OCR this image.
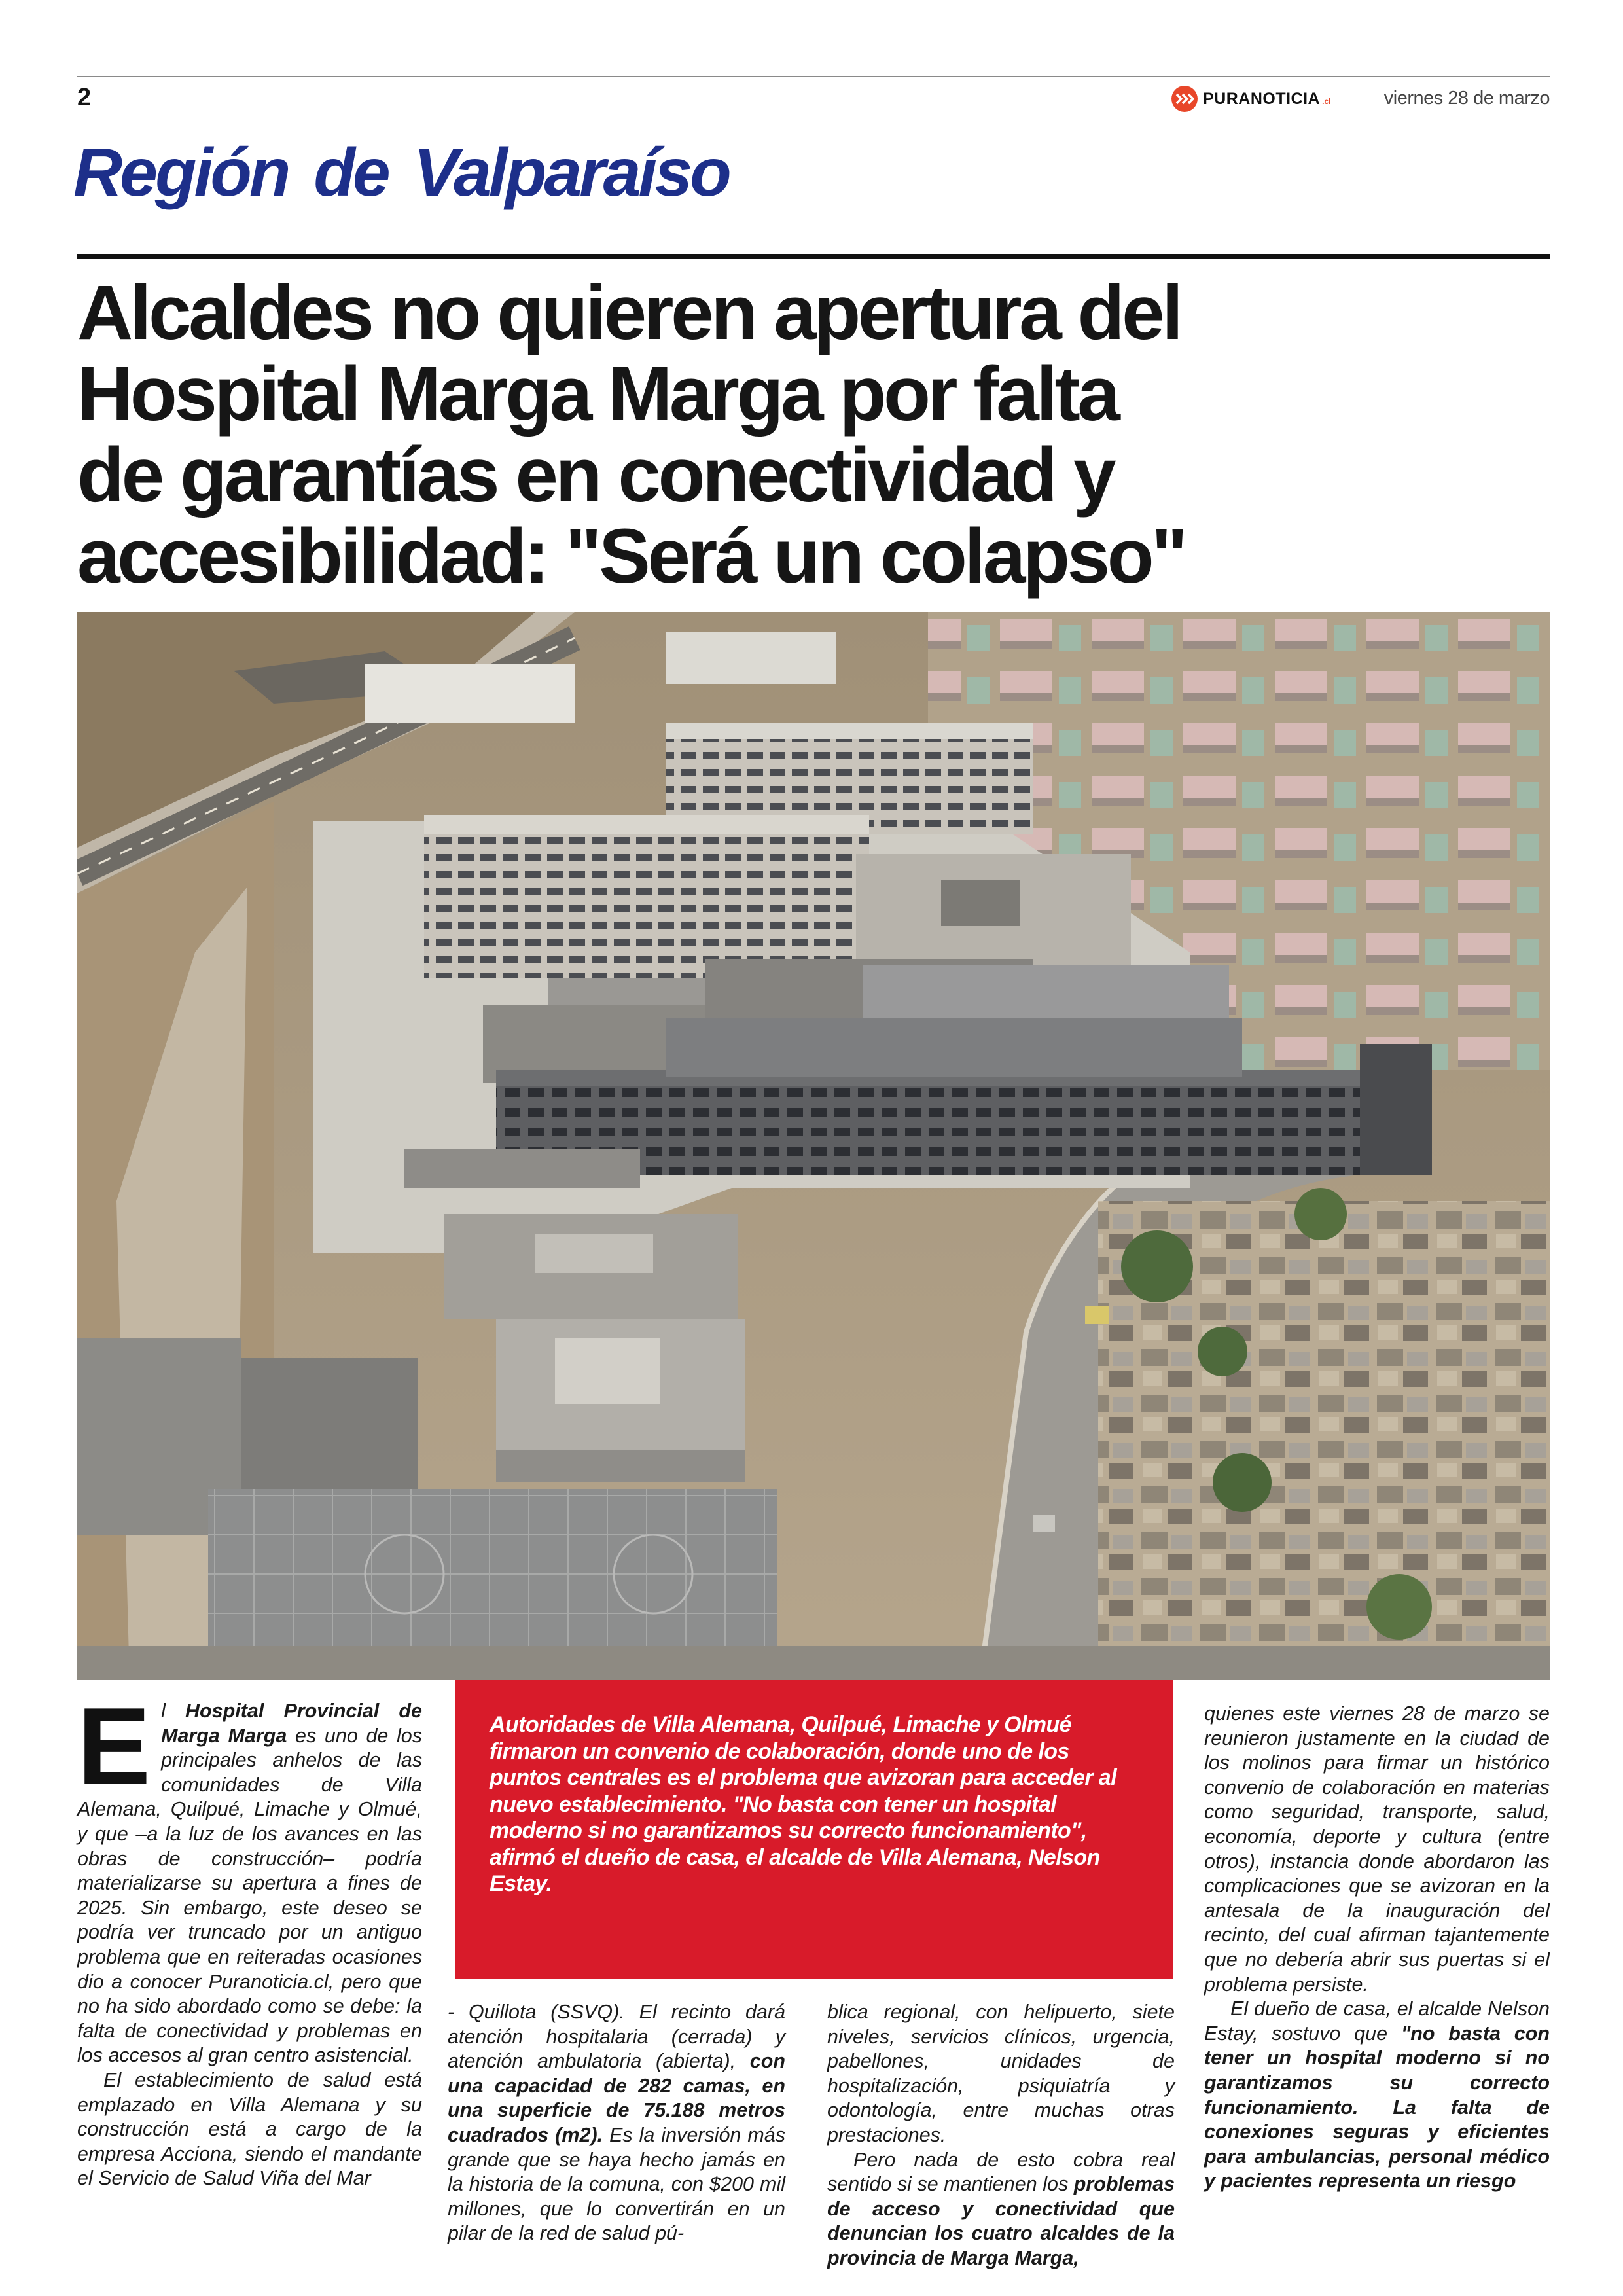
2	PURANOTICIA .cl	viernes 28 de marzo
Región de Valparaíso
Alcaldes no quieren apertura del
Hospital Marga Marga por falta
de garantías en conectividad y
accesibilidad: "Será un colapso"

El Hospital Provincial de Marga Marga es uno de los principales anhelos de las comunidades de Villa Alemana, Quilpué, Limache y Olmué, y que –a la luz de los avances en las obras de construcción– podría materializarse su apertura a fines de 2025. Sin embargo, este deseo se podría ver truncado por un antiguo problema que en reiteradas ocasiones dio a conocer Puranoticia.cl, pero que no ha sido abordado como se debe: la falta de conectividad y problemas en los accesos al gran centro asistencial.

El establecimiento de salud está emplazado en Villa Alemana y su construcción está a cargo de la empresa Acciona, siendo el mandante el Servicio de Salud Viña del Mar

Autoridades de Villa Alemana, Quilpué, Limache y Olmué firmaron un convenio de colaboración, donde uno de los puntos centrales es el problema que avizoran para acceder al nuevo establecimiento. "No basta con tener un hospital moderno si no garantizamos su correcto funcionamiento", afirmó el dueño de casa, el alcalde de Villa Alemana, Nelson Estay.

- Quillota (SSVQ). El recinto dará atención hospitalaria (cerrada) y atención ambulatoria (abierta), con una capacidad de 282 camas, en una superficie de 75.188 metros cuadrados (m2). Es la inversión más grande que se haya hecho jamás en la historia de la comuna, con $200 mil millones, que lo convertirán en un pilar de la red de salud pú-

blica regional, con helipuerto, siete niveles, servicios clínicos, urgencia, pabellones, unidades de hospitalización, psiquiatría y odontología, entre muchas otras prestaciones.

Pero nada de esto cobra real sentido si se mantienen los problemas de acceso y conectividad que denuncian los cuatro alcaldes de la provincia de Marga Marga,

quienes este viernes 28 de marzo se reunieron justamente en la ciudad de los molinos para firmar un histórico convenio de colaboración en materias como seguridad, transporte, salud, economía, deporte y cultura (entre otros), instancia donde abordaron las complicaciones que se avizoran en la antesala de la inauguración del recinto, del cual afirman tajantemente que no debería abrir sus puertas si el problema persiste.

El dueño de casa, el alcalde Nelson Estay, sostuvo que "no basta con tener un hospital moderno si no garantizamos su correcto funcionamiento. La falta de conexiones seguras y eficientes para ambulancias, personal médico y pacientes representa un riesgo
